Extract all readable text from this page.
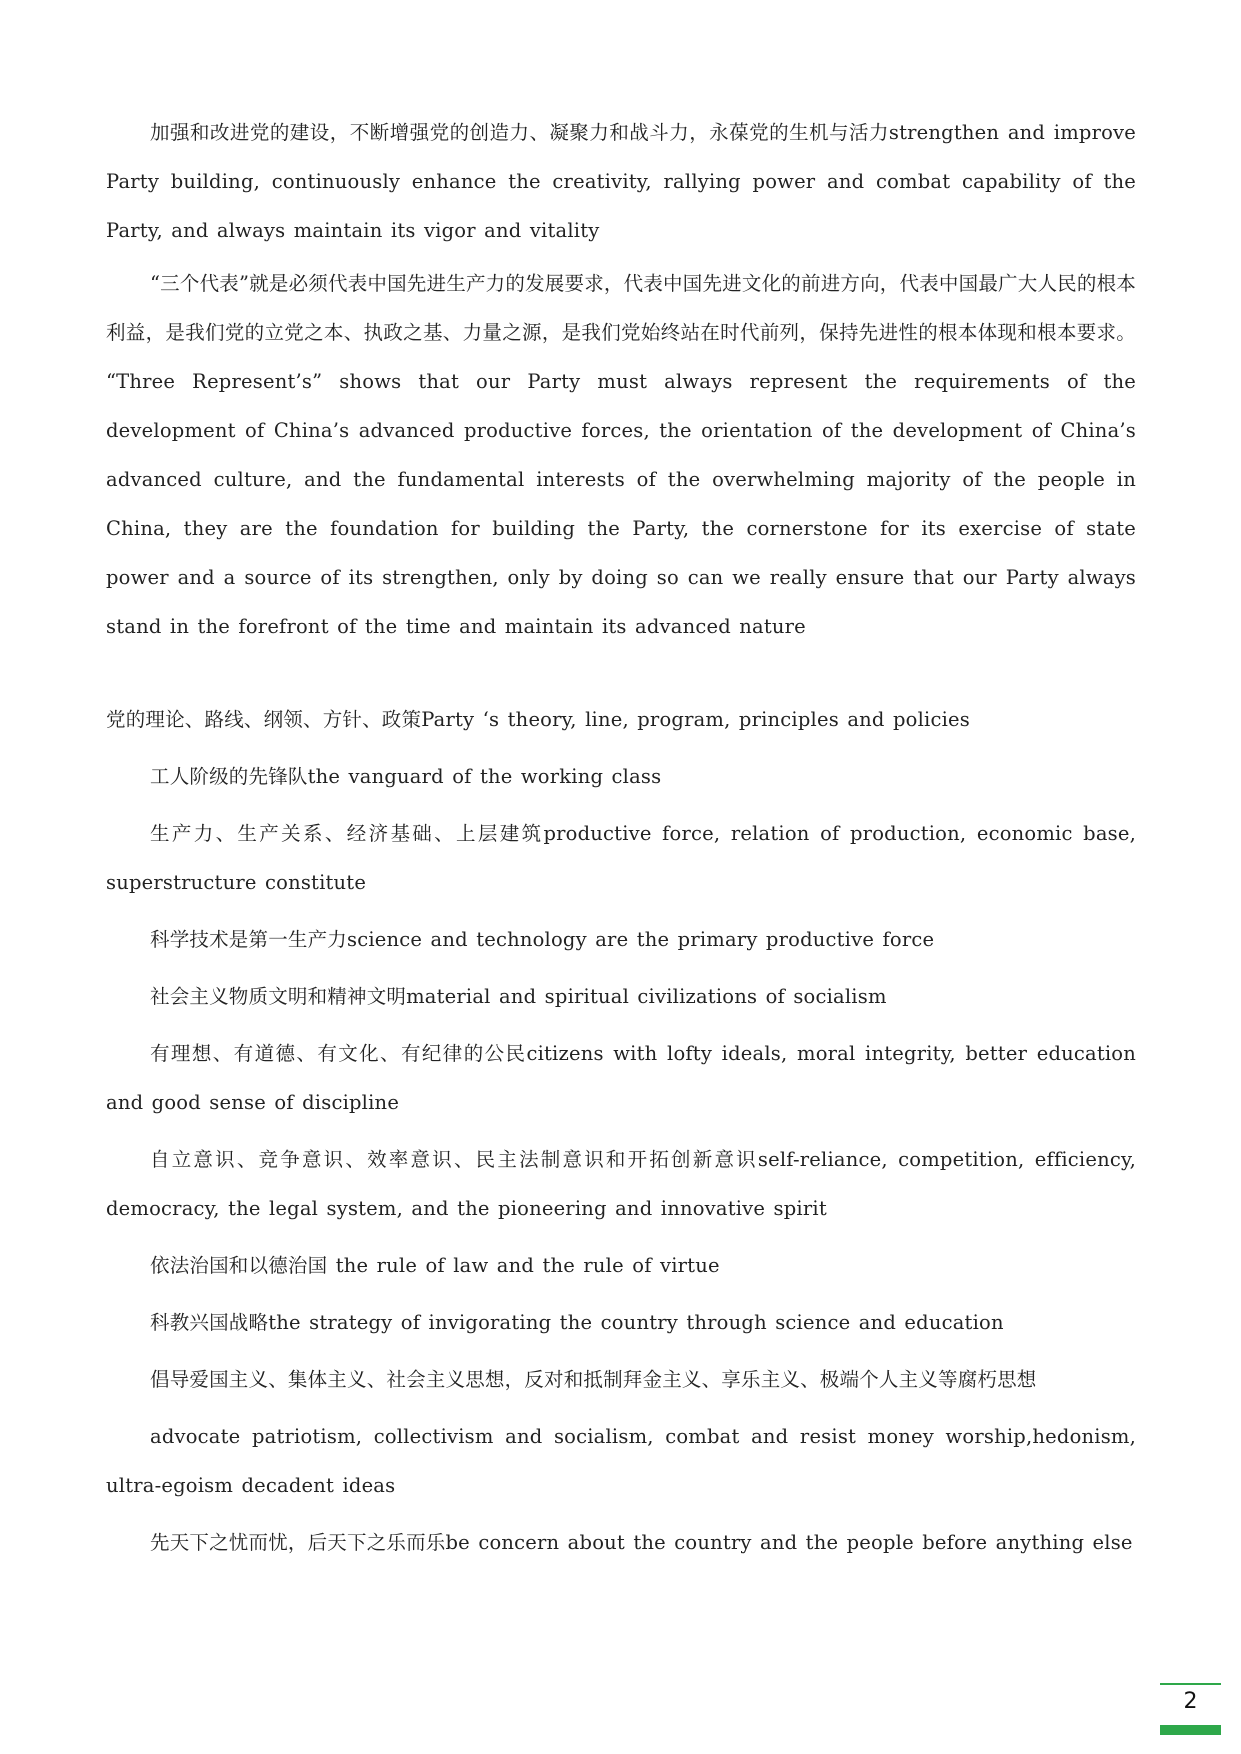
加强和改进党的建设，不断增强党的创造力、凝聚力和战斗力，永葆党的生机与活力strengthen and improve Party building, continuously enhance the creativity, rallying power and combat capability of the Party, and always maintain its vigor and vitality

“三个代表”就是必须代表中国先进生产力的发展要求，代表中国先进文化的前进方向，代表中国最广大人民的根本利益，是我们党的立党之本、执政之基、力量之源，是我们党始终站在时代前列，保持先进性的根本体现和根本要求。 “Three Represent’s” shows that our Party must always represent the requirements of the development of China’s advanced productive forces, the orientation of the development of China’s advanced culture, and the fundamental interests of the overwhelming majority of the people in China, they are the foundation for building the Party, the cornerstone for its exercise of state power and a source of its strengthen, only by doing so can we really ensure that our Party always stand in the forefront of the time and maintain its advanced nature

党的理论、路线、纲领、方针、政策Party ‘s theory, line, program, principles and policies

工人阶级的先锋队the vanguard of the working class

生产力、生产关系、经济基础、上层建筑productive force, relation of production, economic base, superstructure constitute

科学技术是第一生产力science and technology are the primary productive force

社会主义物质文明和精神文明material and spiritual civilizations of socialism

有理想、有道德、有文化、有纪律的公民citizens with lofty ideals, moral integrity, better education and good sense of discipline

自立意识、竞争意识、效率意识、民主法制意识和开拓创新意识self-reliance, competition, efficiency, democracy, the legal system, and the pioneering and innovative spirit

依法治国和以德治国 the rule of law and the rule of virtue

科教兴国战略the strategy of invigorating the country through science and education

倡导爱国主义、集体主义、社会主义思想，反对和抵制拜金主义、享乐主义、极端个人主义等腐朽思想

advocate patriotism, collectivism and socialism, combat and resist money worship,hedonism, ultra-egoism decadent ideas

先天下之忧而忧，后天下之乐而乐be concern about the country and the people before anything else

2
